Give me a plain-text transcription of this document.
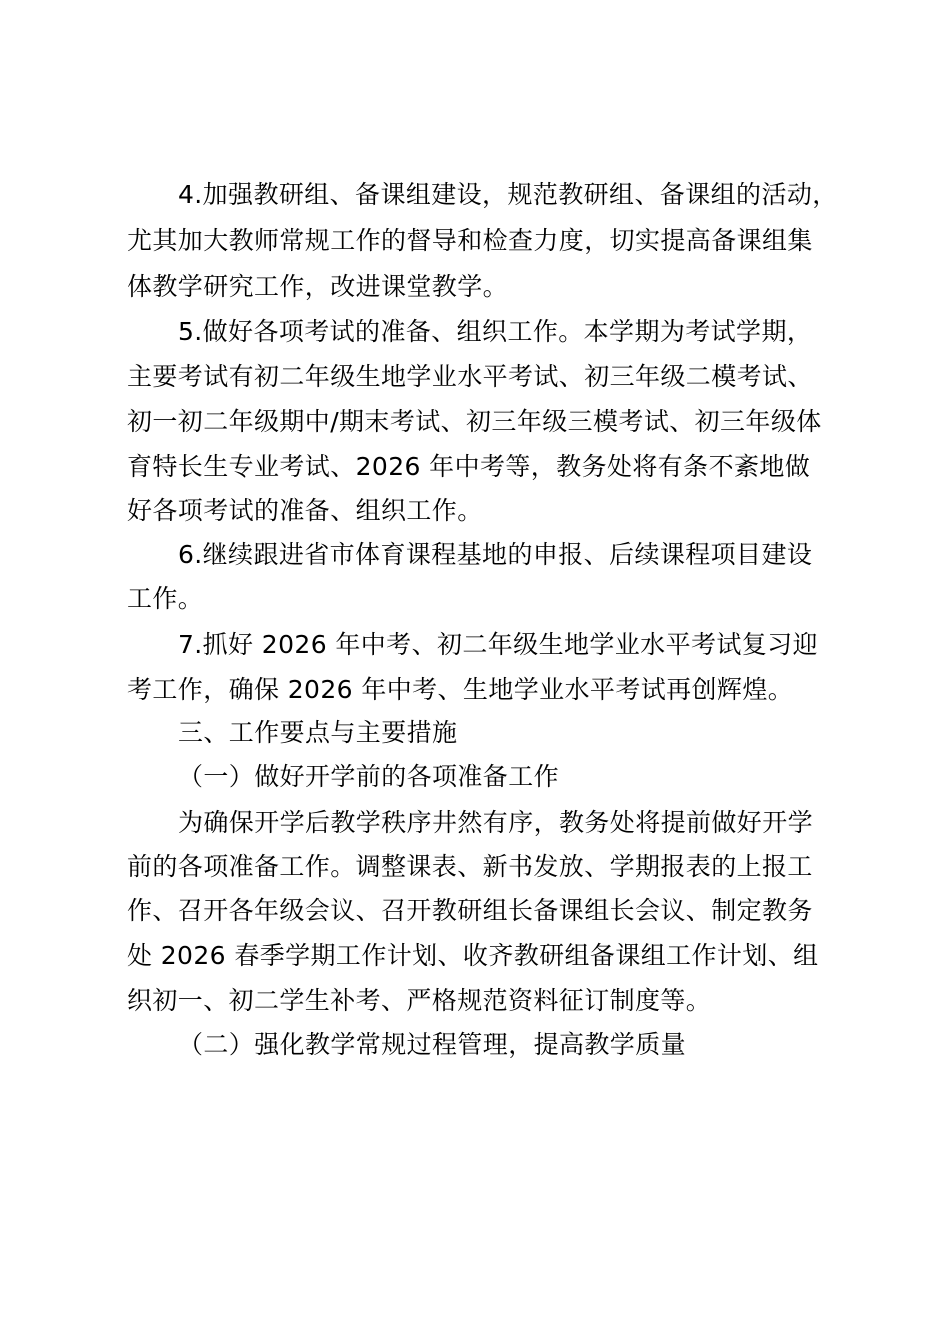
4.加强教研组、备课组建设，规范教研组、备课组的活动，
尤其加大教师常规工作的督导和检查力度，切实提高备课组集
体教学研究工作，改进课堂教学。
5.做好各项考试的准备、组织工作。本学期为考试学期，
主要考试有初二年级生地学业水平考试、初三年级二模考试、
初一初二年级期中/期末考试、初三年级三模考试、初三年级体
育特长生专业考试、2026 年中考等，教务处将有条不紊地做
好各项考试的准备、组织工作。
6.继续跟进省市体育课程基地的申报、后续课程项目建设
工作。
7.抓好 2026 年中考、初二年级生地学业水平考试复习迎
考工作，确保 2026 年中考、生地学业水平考试再创辉煌。
三、工作要点与主要措施
（一）做好开学前的各项准备工作
为确保开学后教学秩序井然有序，教务处将提前做好开学
前的各项准备工作。调整课表、新书发放、学期报表的上报工
作、召开各年级会议、召开教研组长备课组长会议、制定教务
处 2026 春季学期工作计划、收齐教研组备课组工作计划、组
织初一、初二学生补考、严格规范资料征订制度等。
（二）强化教学常规过程管理，提高教学质量
